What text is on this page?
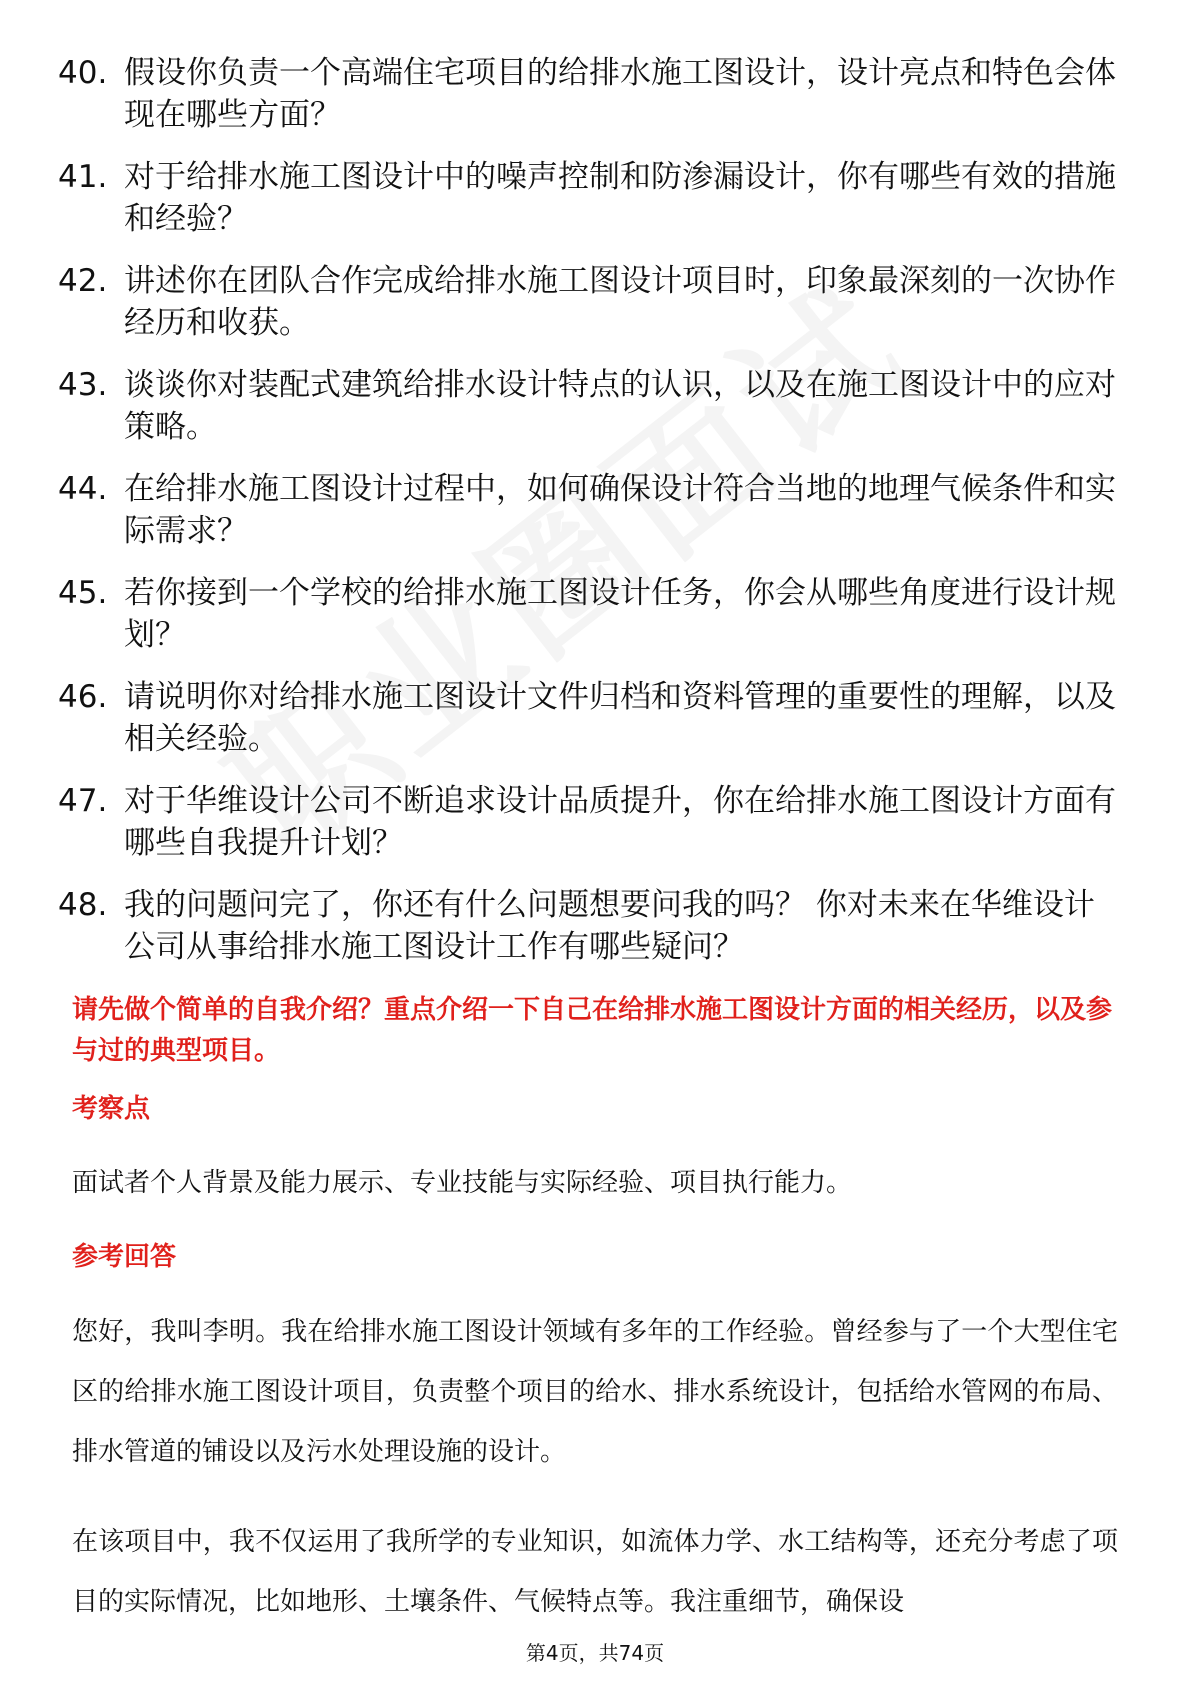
40. 假设你负责一个高端住宅项目的给排水施工图设计，设计亮点和特色会体现在哪些方面？
41. 对于给排水施工图设计中的噪声控制和防渗漏设计，你有哪些有效的措施和经验？
42. 讲述你在团队合作完成给排水施工图设计项目时，印象最深刻的一次协作经历和收获。
43. 谈谈你对装配式建筑给排水设计特点的认识，以及在施工图设计中的应对策略。
44. 在给排水施工图设计过程中，如何确保设计符合当地的地理气候条件和实际需求？
45. 若你接到一个学校的给排水施工图设计任务，你会从哪些角度进行设计规划？
46. 请说明你对给排水施工图设计文件归档和资料管理的重要性的理解，以及相关经验。
47. 对于华维设计公司不断追求设计品质提升，你在给排水施工图设计方面有哪些自我提升计划？
48. 我的问题问完了，你还有什么问题想要问我的吗？ 你对未来在华维设计公司从事给排水施工图设计工作有哪些疑问？
请先做个简单的自我介绍？重点介绍一下自己在给排水施工图设计方面的相关经历，以及参与过的典型项目。
考察点
面试者个人背景及能力展示、专业技能与实际经验、项目执行能力。
参考回答
您好，我叫李明。我在给排水施工图设计领域有多年的工作经验。曾经参与了一个大型住宅区的给排水施工图设计项目，负责整个项目的给水、排水系统设计，包括给水管网的布局、排水管道的铺设以及污水处理设施的设计。
在该项目中，我不仅运用了我所学的专业知识，如流体力学、水工结构等，还充分考虑了项目的实际情况，比如地形、土壤条件、气候特点等。我注重细节，确保设
第4页，共74页
